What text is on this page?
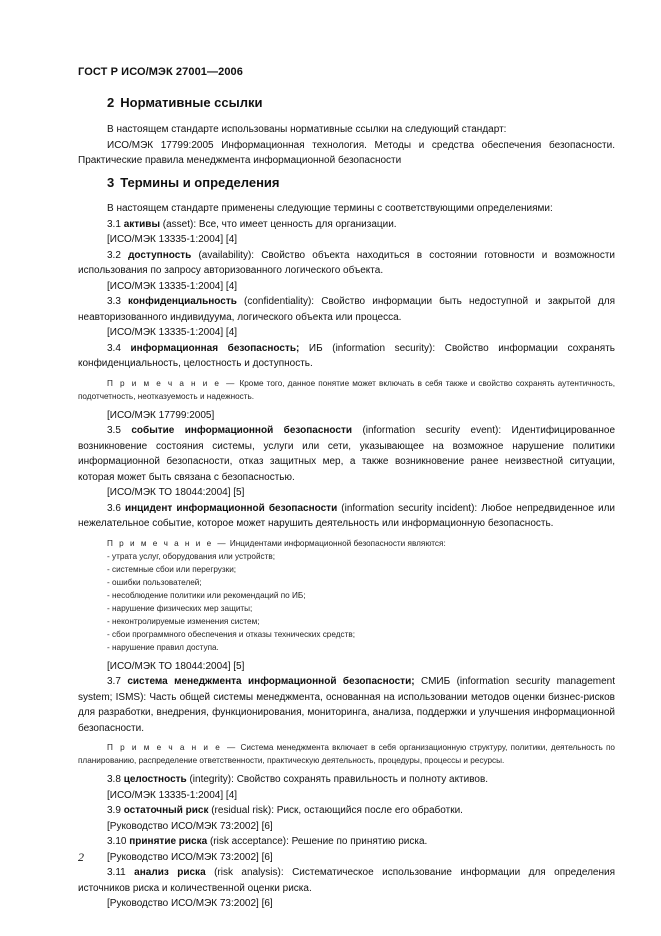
ГОСТ Р ИСО/МЭК 27001—2006
2 Нормативные ссылки

В настоящем стандарте использованы нормативные ссылки на следующий стандарт:

ИСО/МЭК 17799:2005 Информационная технология. Методы и средства обеспечения безопасности. Практические правила менеджмента информационной безопасности

3 Термины и определения

В настоящем стандарте применены следующие термины с соответствующими определениями:

3.1 активы (asset): Все, что имеет ценность для организации.

[ИСО/МЭК 13335-1:2004] [4]

3.2 доступность (availability): Свойство объекта находиться в состоянии готовности и возможности использования по запросу авторизованного логического объекта.

[ИСО/МЭК 13335-1:2004] [4]

3.3 конфиденциальность (confidentiality): Свойство информации быть недоступной и закрытой для неавторизованного индивидуума, логического объекта или процесса.

[ИСО/МЭК 13335-1:2004] [4]

3.4 информационная безопасность; ИБ (information security): Свойство информации сохранять конфиденциальность, целостность и доступность.

П р и м е ч а н и е — Кроме того, данное понятие может включать в себя также и свойство сохранять аутентичность, подотчетность, неотказуемость и надежность.

[ИСО/МЭК 17799:2005]

3.5 событие информационной безопасности (information security event): Идентифицированное возникновение состояния системы, услуги или сети, указывающее на возможное нарушение политики информационной безопасности, отказ защитных мер, а также возникновение ранее неизвестной ситуации, которая может быть связана с безопасностью.

[ИСО/МЭК ТО 18044:2004] [5]

3.6 инцидент информационной безопасности (information security incident): Любое непредвиденное или нежелательное событие, которое может нарушить деятельность или информационную безопасность.

П р и м е ч а н и е — Инцидентами информационной безопасности являются:

- утрата услуг, оборудования или устройств;
- системные сбои или перегрузки;
- ошибки пользователей;
- несоблюдение политики или рекомендаций по ИБ;
- нарушение физических мер защиты;
- неконтролируемые изменения систем;
- сбои программного обеспечения и отказы технических средств;
- нарушение правил доступа.

[ИСО/МЭК ТО 18044:2004] [5]

3.7 система менеджмента информационной безопасности; СМИБ (information security management system; ISMS): Часть общей системы менеджмента, основанная на использовании методов оценки бизнес-рисков для разработки, внедрения, функционирования, мониторинга, анализа, поддержки и улучшения информационной безопасности.

П р и м е ч а н и е — Система менеджмента включает в себя организационную структуру, политики, деятельность по планированию, распределение ответственности, практическую деятельность, процедуры, процессы и ресурсы.

3.8 целостность (integrity): Свойство сохранять правильность и полноту активов.

[ИСО/МЭК 13335-1:2004] [4]

3.9 остаточный риск (residual risk): Риск, остающийся после его обработки.

[Руководство ИСО/МЭК 73:2002] [6]

3.10 принятие риска (risk acceptance): Решение по принятию риска.

[Руководство ИСО/МЭК 73:2002] [6]

3.11 анализ риска (risk analysis): Систематическое использование информации для определения источников риска и количественной оценки риска.

[Руководство ИСО/МЭК 73:2002] [6]

2
